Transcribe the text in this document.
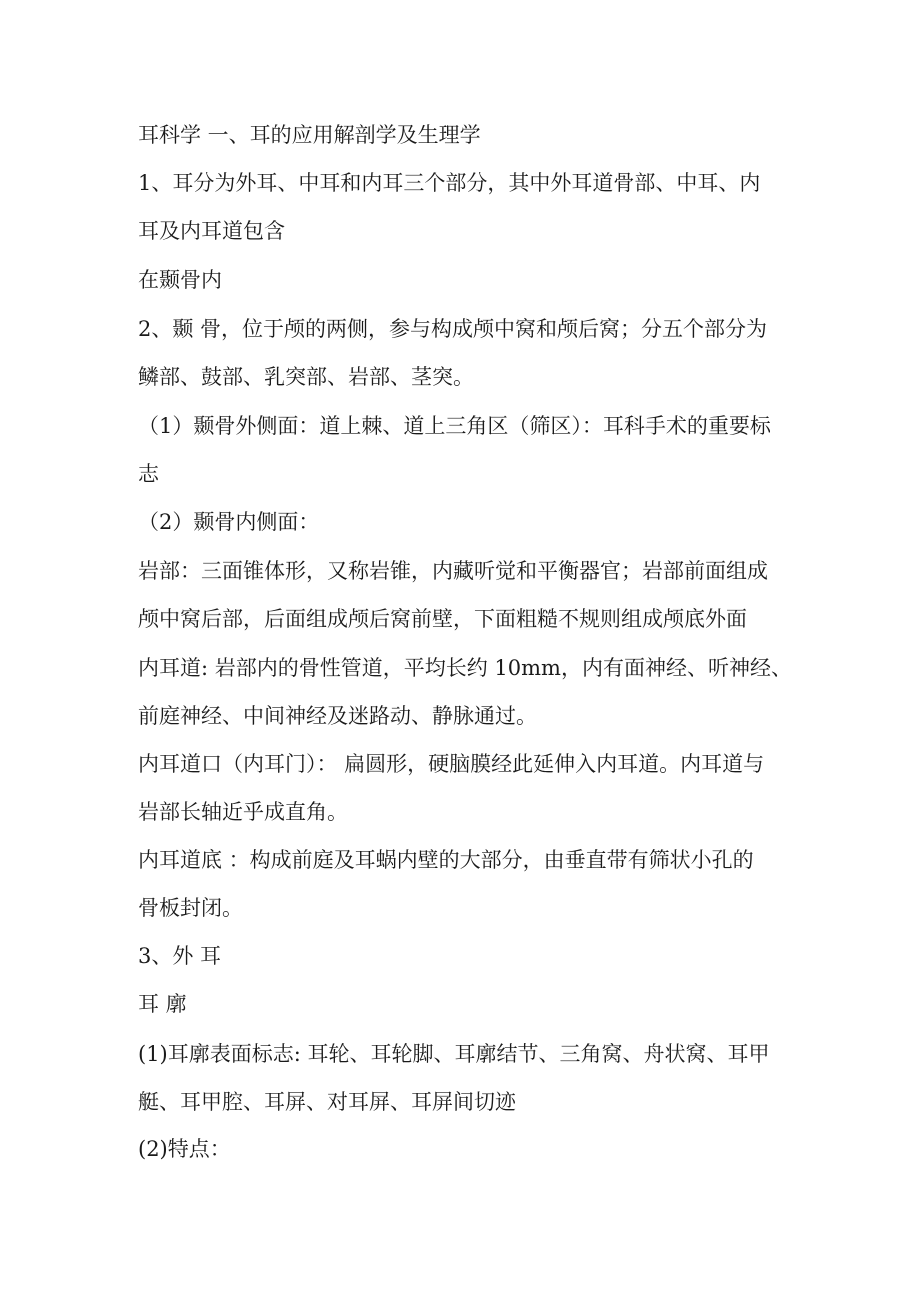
耳科学 一、耳的应用解剖学及生理学

1、耳分为外耳、中耳和内耳三个部分，其中外耳道骨部、中耳、内
耳及内耳道包含

在颞骨内

2、颞 骨，位于颅的两侧，参与构成颅中窝和颅后窝；分五个部分为
鳞部、鼓部、乳突部、岩部、茎突。

（1）颞骨外侧面：道上棘、道上三角区（筛区）：耳科手术的重要标
志

（2）颞骨内侧面：

岩部：三面锥体形，又称岩锥，内藏听觉和平衡器官；岩部前面组成
颅中窝后部，后面组成颅后窝前壁，下面粗糙不规则组成颅底外面

内耳道: 岩部内的骨性管道，平均长约 10mm，内有面神经、听神经、
前庭神经、中间神经及迷路动、静脉通过。

内耳道口（内耳门）： 扁圆形，硬脑膜经此延伸入内耳道。内耳道与
岩部长轴近乎成直角。

内耳道底 ：构成前庭及耳蜗内壁的大部分，由垂直带有筛状小孔的
骨板封闭。

3、外 耳

耳 廓

(1)耳廓表面标志: 耳轮、耳轮脚、耳廓结节、三角窝、舟状窝、耳甲
艇、耳甲腔、耳屏、对耳屏、耳屏间切迹

(2)特点：
